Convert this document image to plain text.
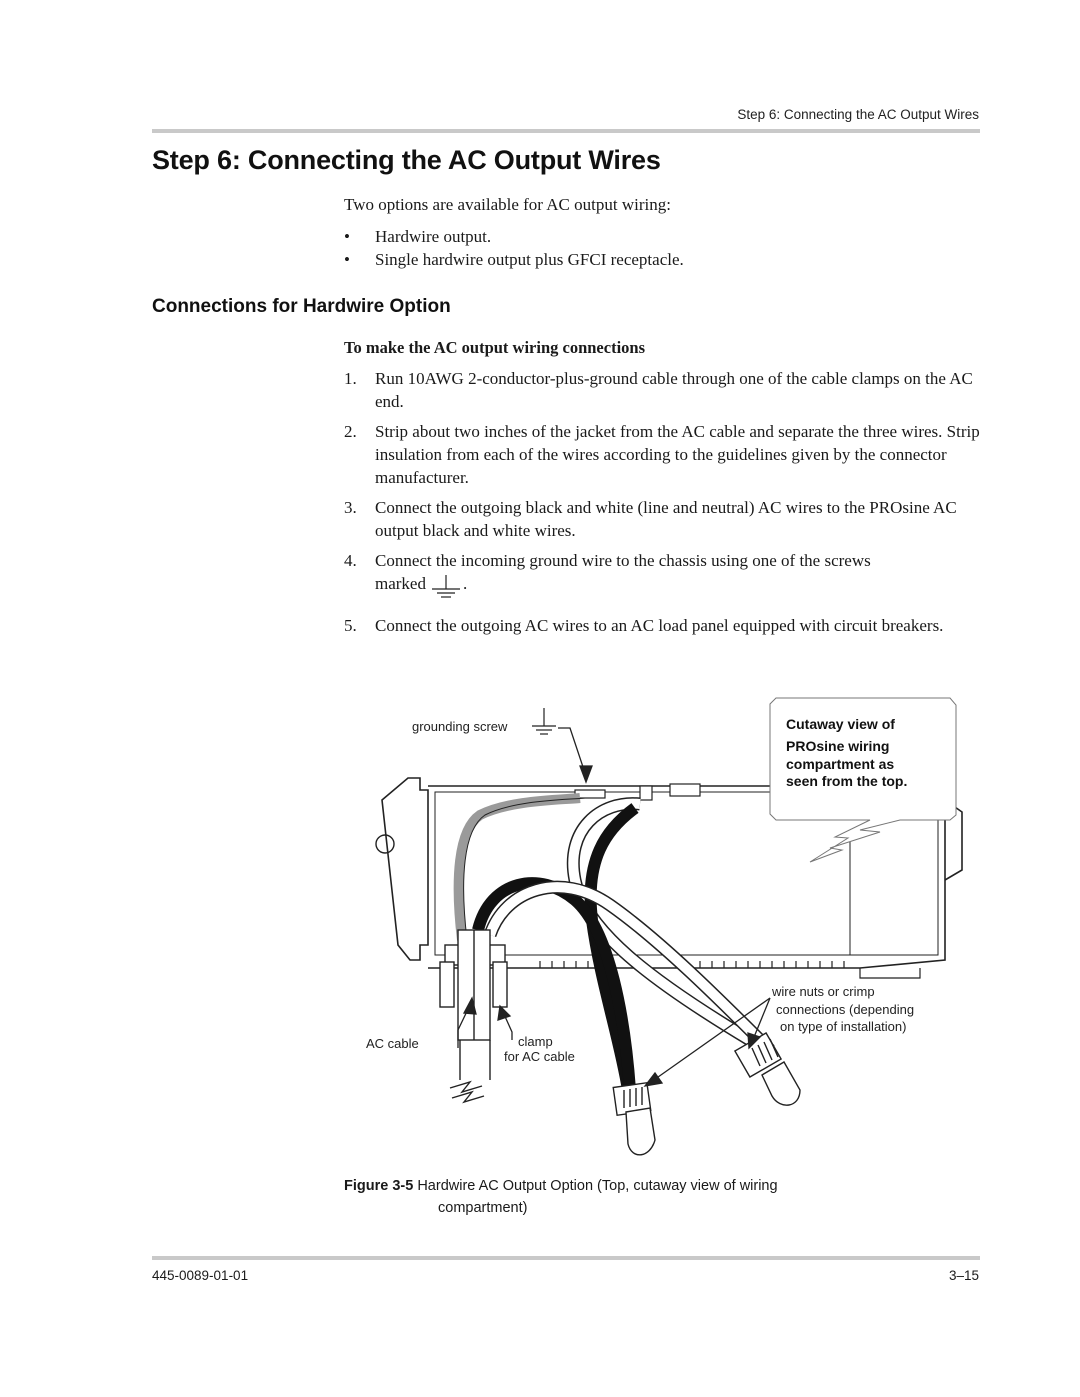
Step 6: Connecting the AC Output Wires
Step 6: Connecting the AC Output Wires

Two options are available for AC output wiring:

• Hardwire output.
• Single hardwire output plus GFCI receptacle.
Connections for Hardwire Option

To make the AC output wiring connections

1. Run 10AWG 2-conductor-plus-ground cable through one of the cable clamps on the AC end.
2. Strip about two inches of the jacket from the AC cable and separate the three wires. Strip insulation from each of the wires according to the guidelines given by the connector manufacturer.
3. Connect the outgoing black and white (line and neutral) AC wires to the PROsine AC output black and white wires.
4. Connect the incoming ground wire to the chassis using one of the screws
marked .
5. Connect the outgoing AC wires to an AC load panel equipped with circuit breakers.
grounding screw
wire nuts or crimp
connections (depending
on type of installation)
AC cable	clamp
for AC cable
Cutaway view of
PROsine wiring
compartment as
seen from the top.
Figure 3-5 Hardwire AC Output Option (Top, cutaway view of wiring
compartment)
445-0089-01-01	3–15
